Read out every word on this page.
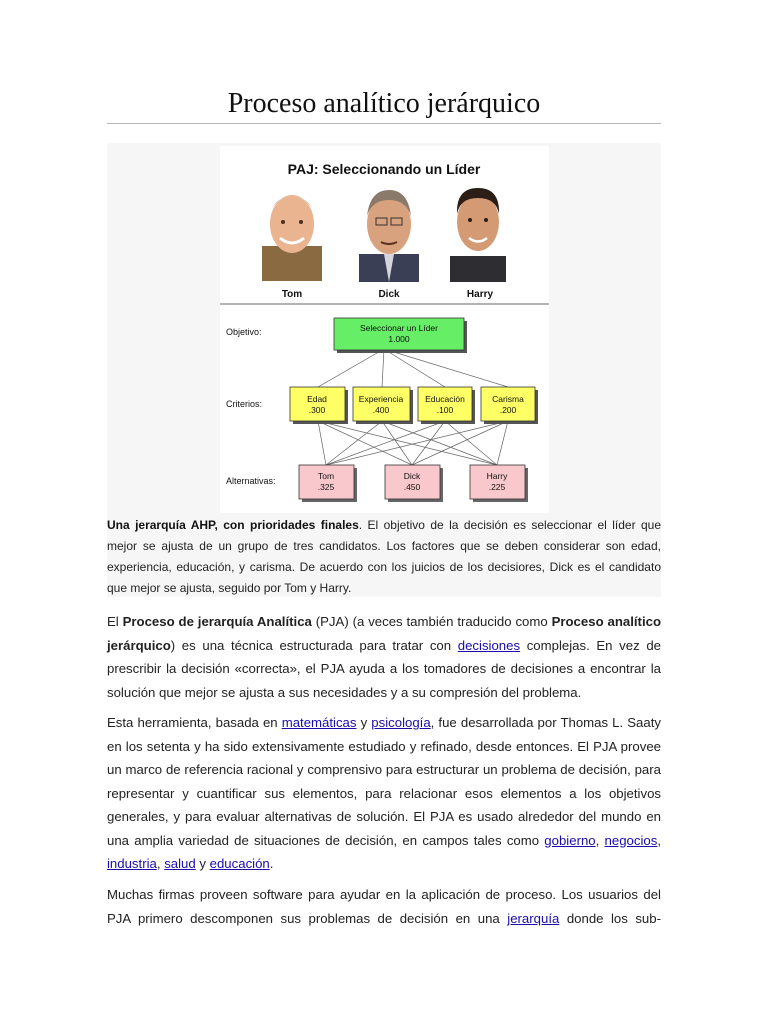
Proceso analítico jerárquico
PAJ: Seleccionando un Líder
Tom	Dick	Harry
Objetivo:
Criterios:
Alternativas:
Seleccionar un Líder
1.000
Edad
.300
Experiencia
.400
Educación
.100
Carisma
.200
Tom
.325
Dick
.450
Harry
.225
Una jerarquía AHP, con prioridades finales. El objetivo de la decisión es seleccionar el líder que mejor se ajusta de un grupo de tres candidatos. Los factores que se deben considerar son edad, experiencia, educación, y carisma. De acuerdo con los juicios de los decisiores, Dick es el candidato que mejor se ajusta, seguido por Tom y Harry.

El Proceso de jerarquía Analítica (PJA) (a veces también traducido como Proceso analítico jerárquico) es una técnica estructurada para tratar con decisiones complejas. En vez de prescribir la decisión «correcta», el PJA ayuda a los tomadores de decisiones a encontrar la solución que mejor se ajusta a sus necesidades y a su compresión del problema.

Esta herramienta, basada en matemáticas y psicología, fue desarrollada por Thomas L. Saaty en los setenta y ha sido extensivamente estudiado y refinado, desde entonces. El PJA provee un marco de referencia racional y comprensivo para estructurar un problema de decisión, para representar y cuantificar sus elementos, para relacionar esos elementos a los objetivos generales, y para evaluar alternativas de solución. El PJA es usado alrededor del mundo en una amplia variedad de situaciones de decisión, en campos tales como gobierno, negocios, industria, salud y educación.

Muchas firmas proveen software para ayudar en la aplicación de proceso. Los usuarios del PJA primero descomponen sus problemas de decisión en una jerarquía donde los sub-
